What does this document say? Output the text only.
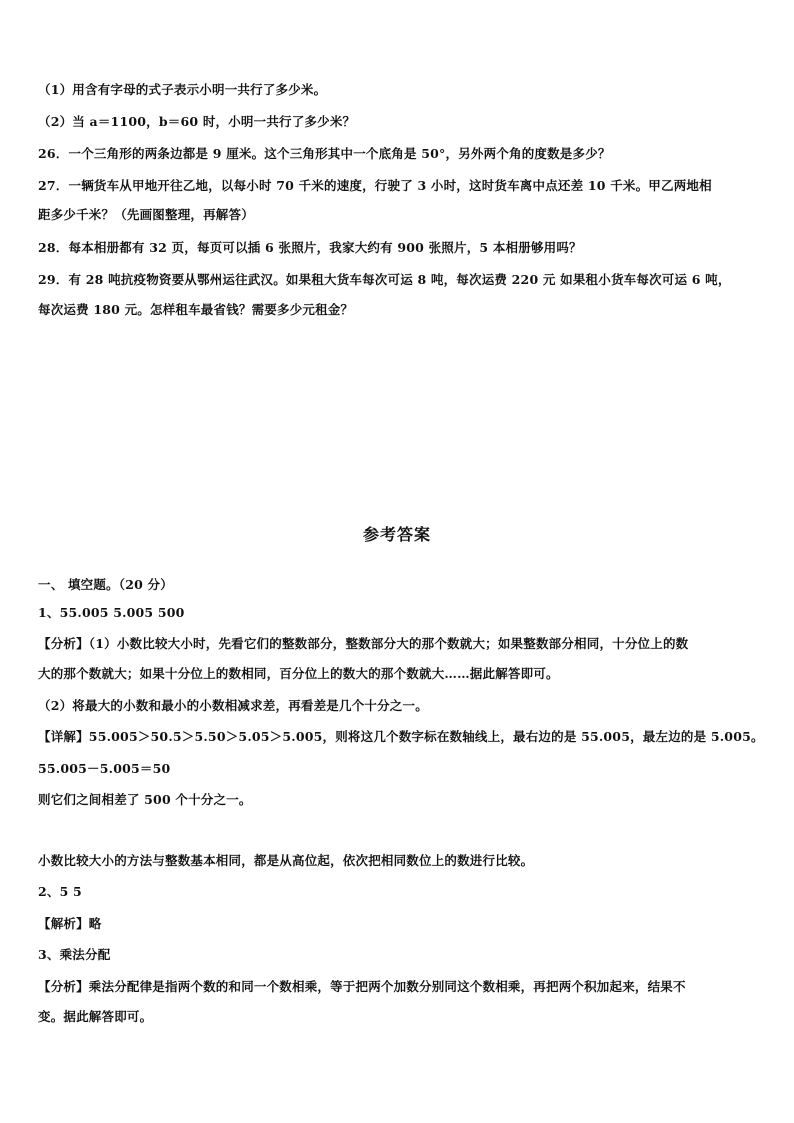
（1）用含有字母的式子表示小明一共行了多少米。
（2）当 a＝1100，b＝60 时，小明一共行了多少米？
26．一个三角形的两条边都是 9 厘米。这个三角形其中一个底角是 50°，另外两个角的度数是多少？
27．一辆货车从甲地开往乙地，以每小时 70 千米的速度，行驶了 3 小时，这时货车离中点还差 10 千米。甲乙两地相
距多少千米？（先画图整理，再解答）
28．每本相册都有 32 页，每页可以插 6 张照片，我家大约有 900 张照片，5 本相册够用吗？
29．有 28 吨抗疫物资要从鄂州运往武汉。如果租大货车每次可运 8 吨，每次运费 220 元 如果租小货车每次可运 6 吨，
每次运费 180 元。怎样租车最省钱？需要多少元租金？
参考答案
一、 填空题。（20 分）
1、55.005 5.005 500
【分析】（1）小数比较大小时，先看它们的整数部分，整数部分大的那个数就大；如果整数部分相同，十分位上的数
大的那个数就大；如果十分位上的数相同，百分位上的数大的那个数就大……据此解答即可。
（2）将最大的小数和最小的小数相减求差，再看差是几个十分之一。
【详解】55.005＞50.5＞5.50＞5.05＞5.005，则将这几个数字标在数轴线上，最右边的是 55.005，最左边的是 5.005。
55.005－5.005＝50
则它们之间相差了 500 个十分之一。
小数比较大小的方法与整数基本相同，都是从高位起，依次把相同数位上的数进行比较。
2、5 5
【解析】略
3、乘法分配
【分析】乘法分配律是指两个数的和同一个数相乘，等于把两个加数分别同这个数相乘，再把两个积加起来，结果不
变。据此解答即可。
